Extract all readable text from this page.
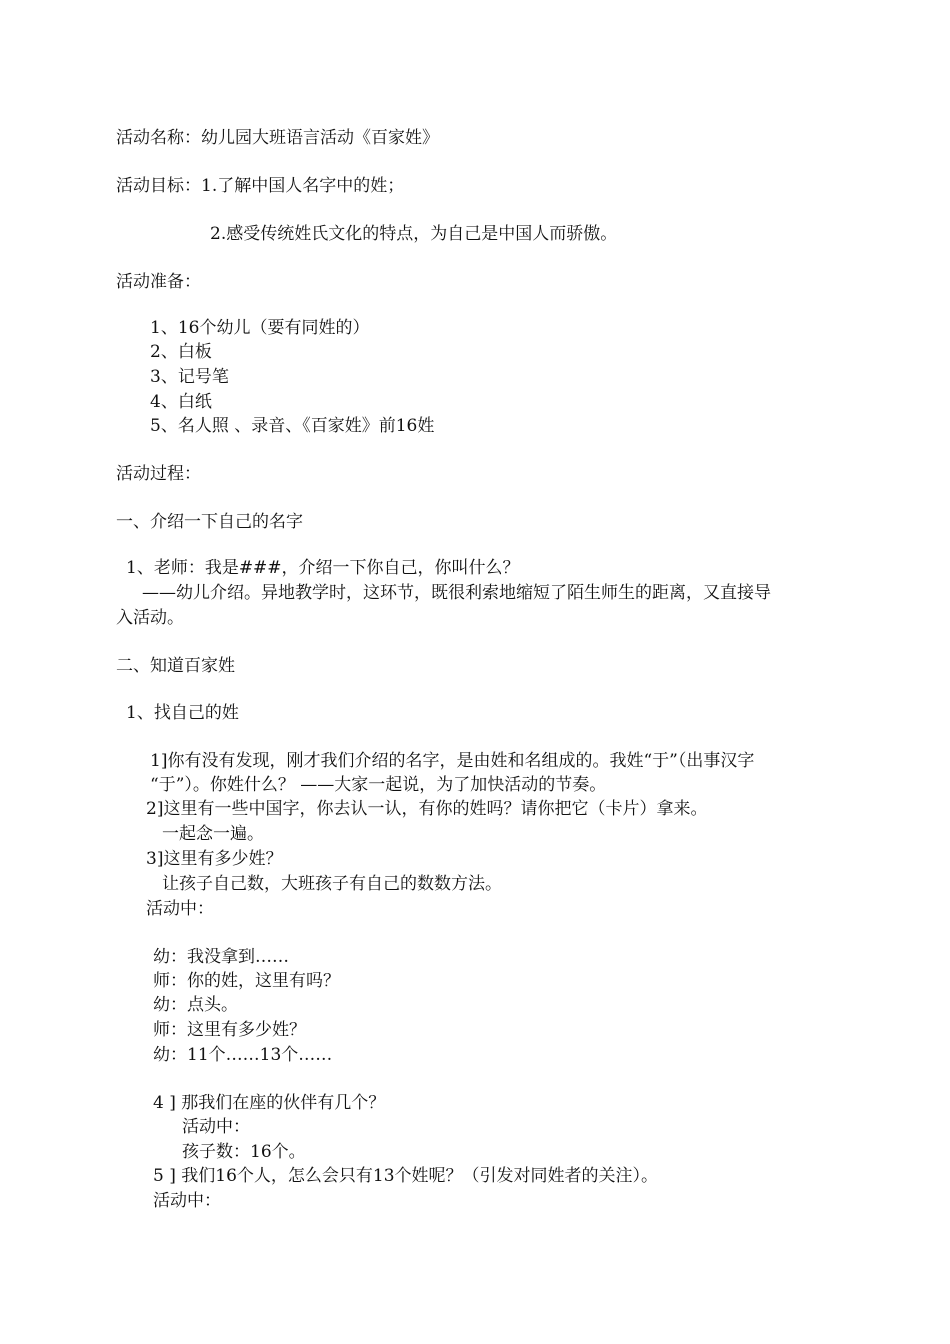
活动名称：幼儿园大班语言活动《百家姓》
活动目标：1.了解中国人名字中的姓；
2.感受传统姓氏文化的特点，为自己是中国人而骄傲。
活动准备：
1、16个幼儿（要有同姓的）
2、白板
3、记号笔
4、白纸
5、名人照 、录音、《百家姓》前16姓
活动过程：
一、介绍一下自己的名字
1、老师：我是###，介绍一下你自己，你叫什么？
——幼儿介绍。异地教学时，这环节，既很利索地缩短了陌生师生的距离，又直接导
入活动。
二、知道百家姓
1、找自己的姓
1]你有没有发现，刚才我们介绍的名字，是由姓和名组成的。我姓“于”（出事汉字
“于”）。你姓什么？ ——大家一起说，为了加快活动的节奏。
2]这里有一些中国字，你去认一认，有你的姓吗？请你把它（卡片）拿来。
一起念一遍。
3]这里有多少姓？
让孩子自己数，大班孩子有自己的数数方法。
活动中：
幼：我没拿到……
师：你的姓，这里有吗？
幼：点头。
师：这里有多少姓？
幼：11个……13个……
4 ] 那我们在座的伙伴有几个？
活动中：
孩子数：16个。
5 ] 我们16个人，怎么会只有13个姓呢？（引发对同姓者的关注）。
活动中：
